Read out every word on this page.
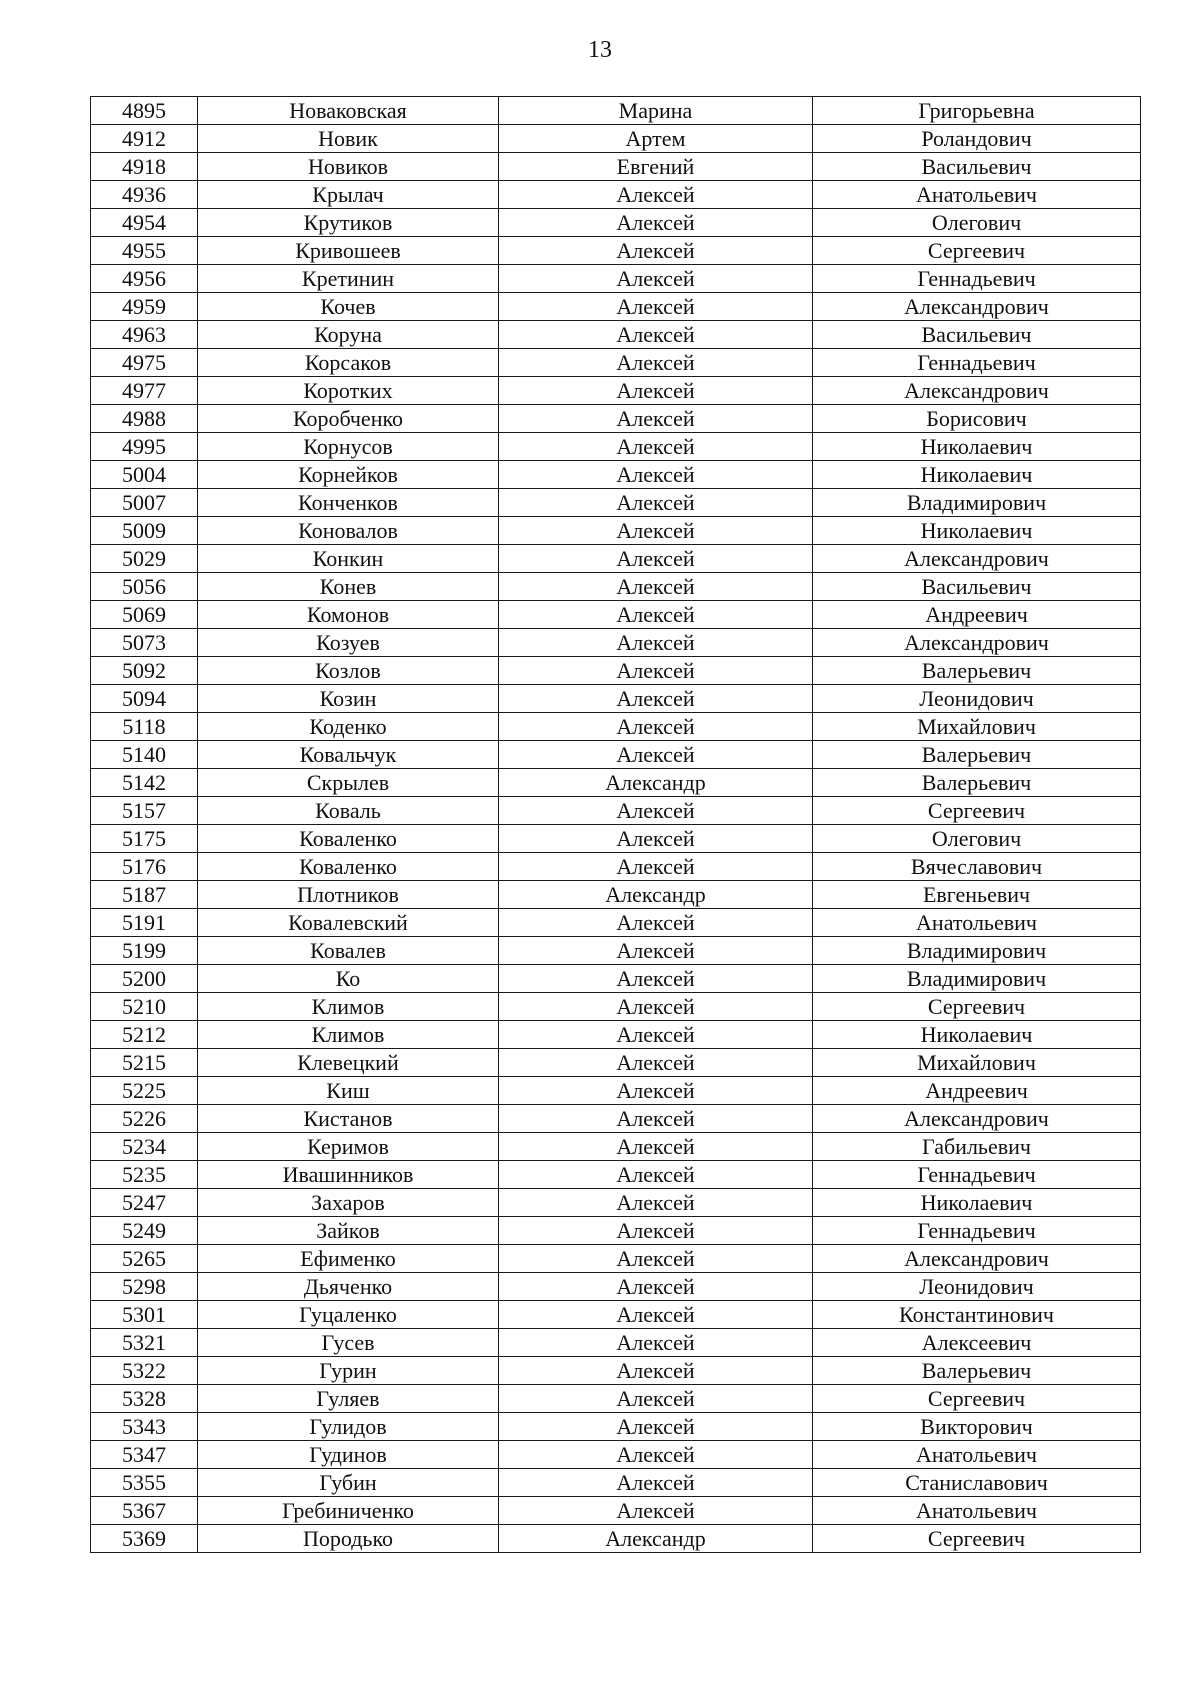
13
4895	Новаковская	Марина	Григорьевна
4912	Новик	Артем	Роландович
4918	Новиков	Евгений	Васильевич
4936	Крылач	Алексей	Анатольевич
4954	Крутиков	Алексей	Олегович
4955	Кривошеев	Алексей	Сергеевич
4956	Кретинин	Алексей	Геннадьевич
4959	Кочев	Алексей	Александрович
4963	Коруна	Алексей	Васильевич
4975	Корсаков	Алексей	Геннадьевич
4977	Коротких	Алексей	Александрович
4988	Коробченко	Алексей	Борисович
4995	Корнусов	Алексей	Николаевич
5004	Корнейков	Алексей	Николаевич
5007	Конченков	Алексей	Владимирович
5009	Коновалов	Алексей	Николаевич
5029	Конкин	Алексей	Александрович
5056	Конев	Алексей	Васильевич
5069	Комонов	Алексей	Андреевич
5073	Козуев	Алексей	Александрович
5092	Козлов	Алексей	Валерьевич
5094	Козин	Алексей	Леонидович
5118	Коденко	Алексей	Михайлович
5140	Ковальчук	Алексей	Валерьевич
5142	Скрылев	Александр	Валерьевич
5157	Коваль	Алексей	Сергеевич
5175	Коваленко	Алексей	Олегович
5176	Коваленко	Алексей	Вячеславович
5187	Плотников	Александр	Евгеньевич
5191	Ковалевский	Алексей	Анатольевич
5199	Ковалев	Алексей	Владимирович
5200	Ко	Алексей	Владимирович
5210	Климов	Алексей	Сергеевич
5212	Климов	Алексей	Николаевич
5215	Клевецкий	Алексей	Михайлович
5225	Киш	Алексей	Андреевич
5226	Кистанов	Алексей	Александрович
5234	Керимов	Алексей	Габильевич
5235	Ивашинников	Алексей	Геннадьевич
5247	Захаров	Алексей	Николаевич
5249	Зайков	Алексей	Геннадьевич
5265	Ефименко	Алексей	Александрович
5298	Дьяченко	Алексей	Леонидович
5301	Гуцаленко	Алексей	Константинович
5321	Гусев	Алексей	Алексеевич
5322	Гурин	Алексей	Валерьевич
5328	Гуляев	Алексей	Сергеевич
5343	Гулидов	Алексей	Викторович
5347	Гудинов	Алексей	Анатольевич
5355	Губин	Алексей	Станиславович
5367	Гребиниченко	Алексей	Анатольевич
5369	Породько	Александр	Сергеевич
